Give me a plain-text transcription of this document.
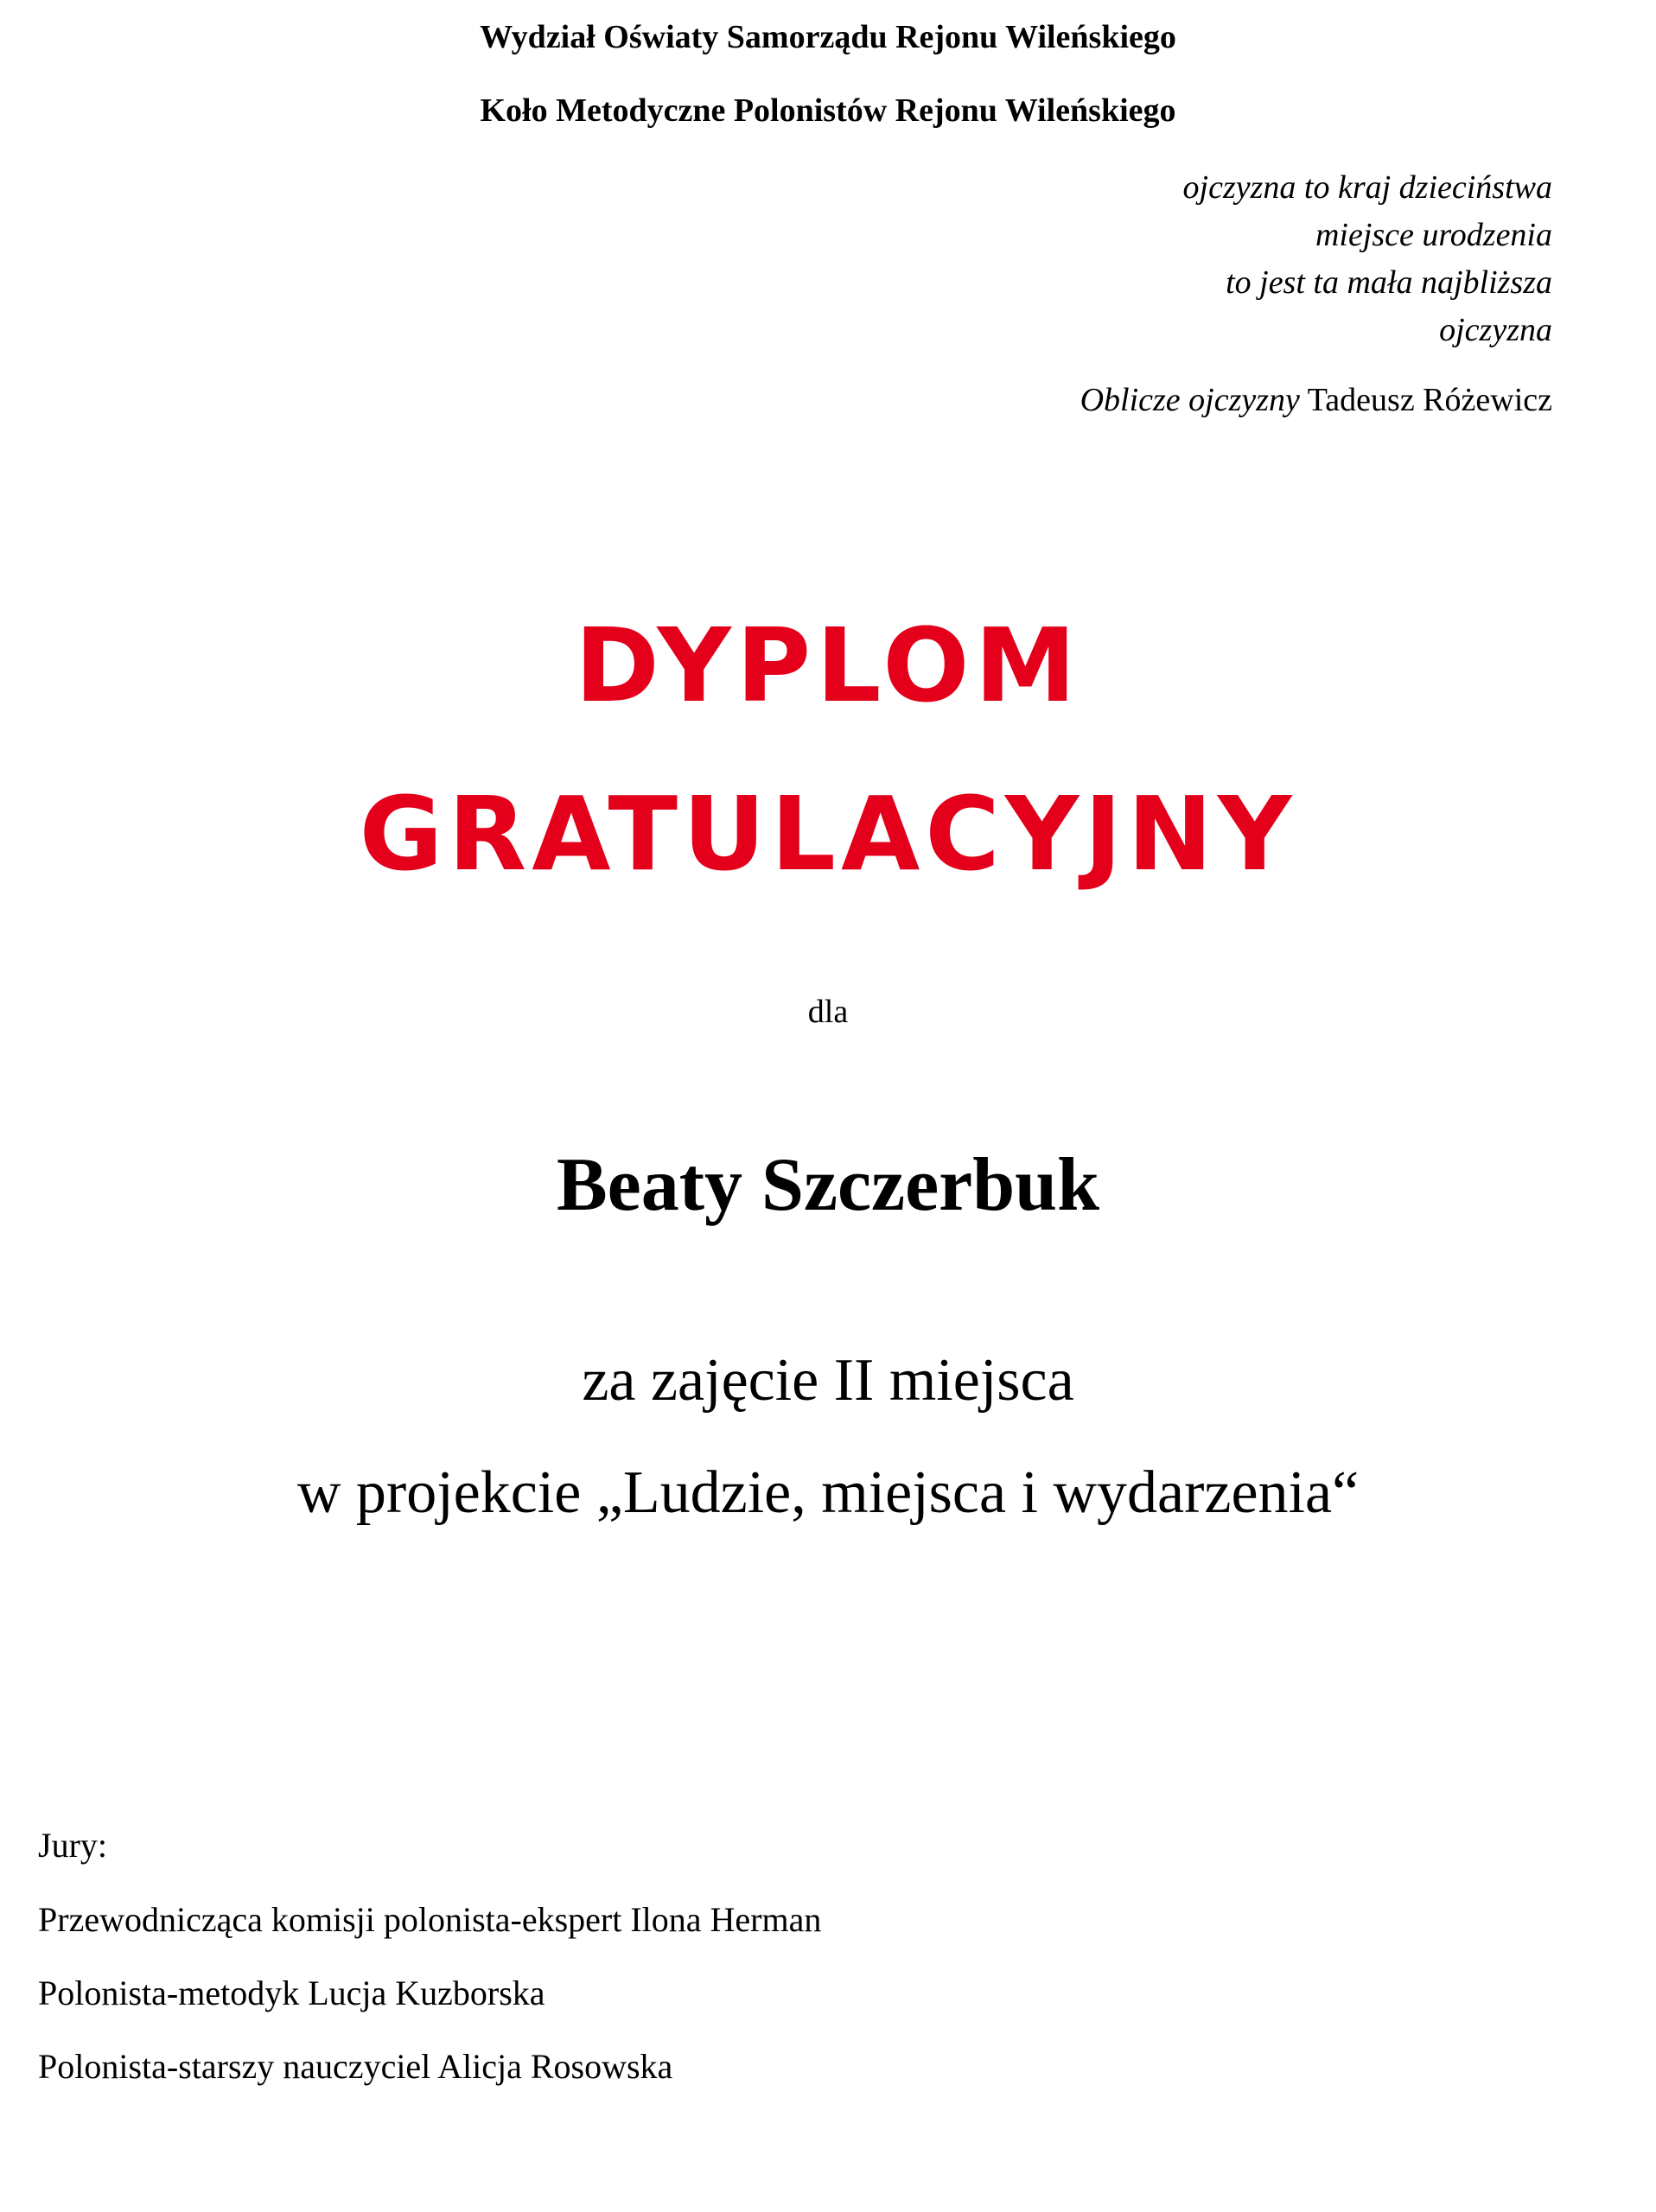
Wydział Oświaty Samorządu Rejonu Wileńskiego
Koło Metodyczne Polonistów Rejonu Wileńskiego
ojczyzna to kraj dzieciństwa
miejsce urodzenia
to jest ta mała najbliższa
ojczyzna
Oblicze ojczyzny Tadeusz Różewicz
DYPLOM
GRATULACYJNY
dla
Beaty Szczerbuk
za zajęcie II miejsca
w projekcie „Ludzie, miejsca i wydarzenia“
Jury:
Przewodnicząca komisji polonista-ekspert Ilona Herman
Polonista-metodyk Lucja Kuzborska
Polonista-starszy nauczyciel Alicja Rosowska
